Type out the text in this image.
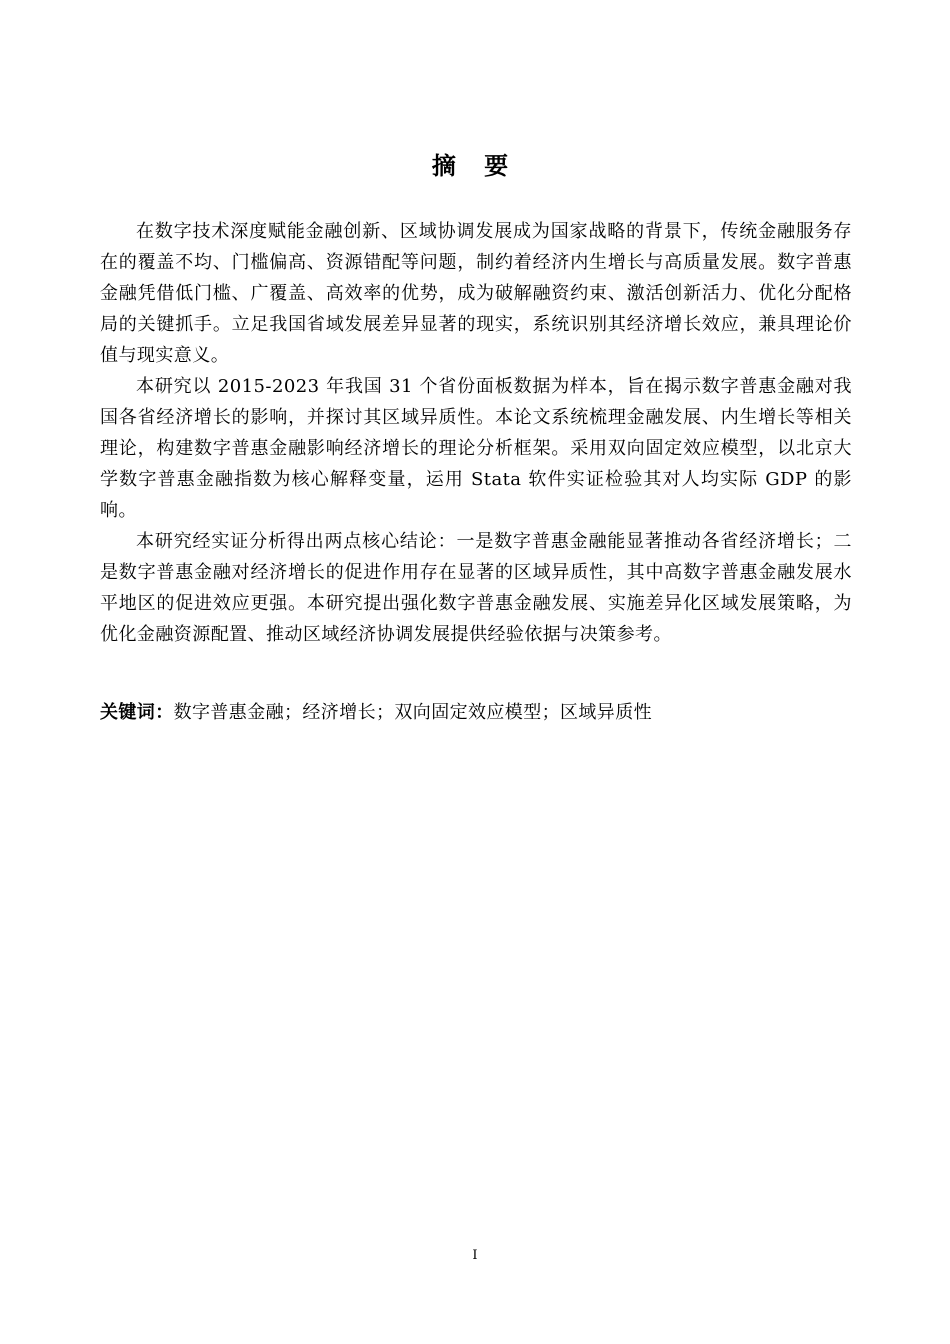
摘 要

在数字技术深度赋能金融创新、区域协调发展成为国家战略的背景下，传统金融服务存在的覆盖不均、门槛偏高、资源错配等问题，制约着经济内生增长与高质量发展。数字普惠金融凭借低门槛、广覆盖、高效率的优势，成为破解融资约束、激活创新活力、优化分配格局的关键抓手。立足我国省域发展差异显著的现实，系统识别其经济增长效应，兼具理论价值与现实意义。

本研究以 2015-2023 年我国 31 个省份面板数据为样本，旨在揭示数字普惠金融对我国各省经济增长的影响，并探讨其区域异质性。本论文系统梳理金融发展、内生增长等相关理论，构建数字普惠金融影响经济增长的理论分析框架。采用双向固定效应模型，以北京大学数字普惠金融指数为核心解释变量，运用 Stata 软件实证检验其对人均实际 GDP 的影响。

本研究经实证分析得出两点核心结论：一是数字普惠金融能显著推动各省经济增长；二是数字普惠金融对经济增长的促进作用存在显著的区域异质性，其中高数字普惠金融发展水平地区的促进效应更强。本研究提出强化数字普惠金融发展、实施差异化区域发展策略，为优化金融资源配置、推动区域经济协调发展提供经验依据与决策参考。

关键词：数字普惠金融；经济增长；双向固定效应模型；区域异质性
I
